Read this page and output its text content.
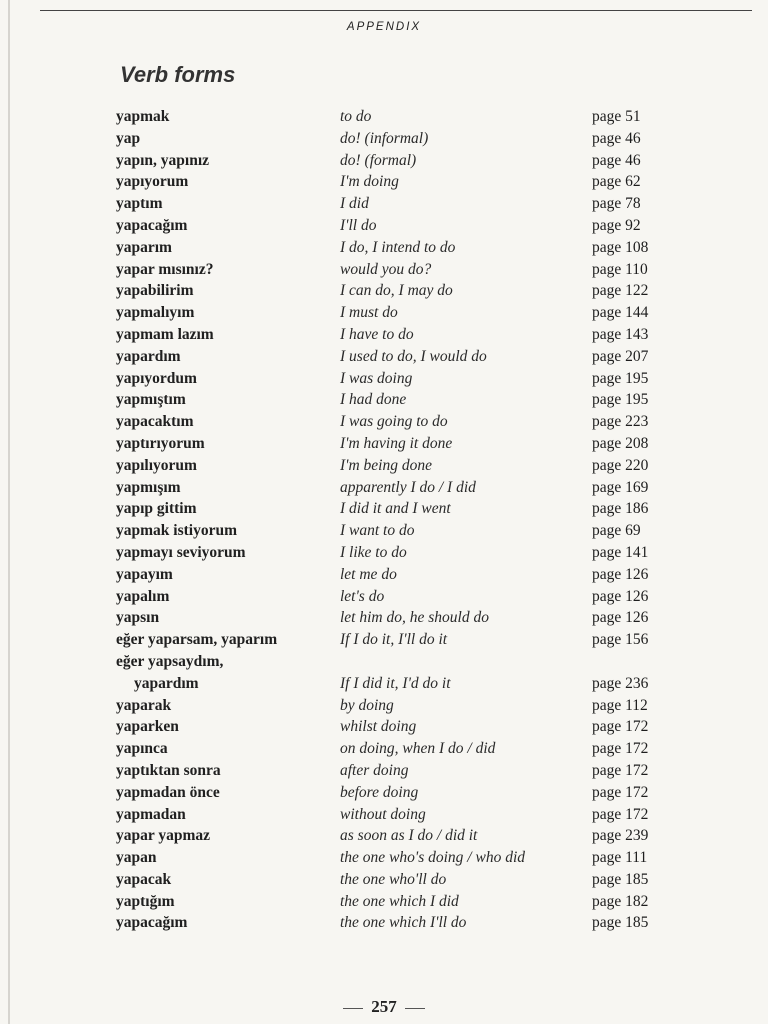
APPENDIX
Verb forms
yapmak	to do	page 51
yap	do! (informal)	page 46
yapın, yapınız	do! (formal)	page 46
yapıyorum	I'm doing	page 62
yaptım	I did	page 78
yapacağım	I'll do	page 92
yaparım	I do, I intend to do	page 108
yapar mısınız?	would you do?	page 110
yapabilirim	I can do, I may do	page 122
yapmalıyım	I must do	page 144
yapmam lazım	I have to do	page 143
yapardım	I used to do, I would do	page 207
yapıyordum	I was doing	page 195
yapmıştım	I had done	page 195
yapacaktım	I was going to do	page 223
yaptırıyorum	I'm having it done	page 208
yapılıyorum	I'm being done	page 220
yapmışım	apparently I do / I did	page 169
yapıp gittim	I did it and I went	page 186
yapmak istiyorum	I want to do	page 69
yapmayı seviyorum	I like to do	page 141
yapayım	let me do	page 126
yapalım	let's do	page 126
yapsın	let him do, he should do	page 126
eğer yaparsam, yaparım	If I do it, I'll do it	page 156
eğer yapsaydım,
yapardım	If I did it, I'd do it	page 236
yaparak	by doing	page 112
yaparken	whilst doing	page 172
yapınca	on doing, when I do / did	page 172
yaptıktan sonra	after doing	page 172
yapmadan önce	before doing	page 172
yapmadan	without doing	page 172
yapar yapmaz	as soon as I do / did it	page 239
yapan	the one who's doing / who did	page 111
yapacak	the one who'll do	page 185
yaptığım	the one which I did	page 182
yapacağım	the one which I'll do	page 185
257
